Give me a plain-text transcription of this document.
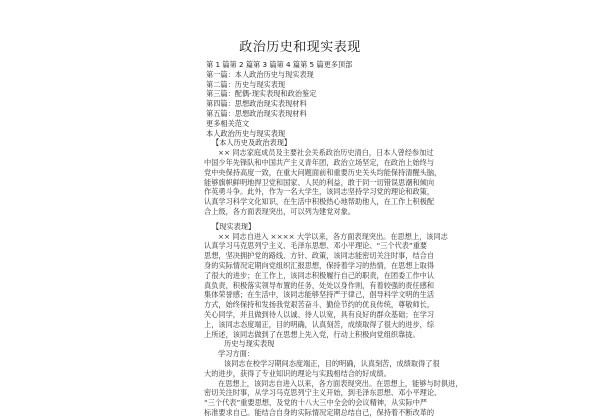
政治历史和现实表现
第 1 篇第 2 篇第 3 篇第 4 篇第 5 篇更多顶部
第一篇：本人政治历史与现实表现
第二篇：历史与现实表现
第三篇：配偶-现实表现和政治鉴定
第四篇：思想政治现实表现材料
第五篇：思想政治现实表现材料
更多相关范文
本人政治历史与现实表现
【本人历史及政治表现】
×× 同志家庭成员及主要社会关系政治历史清白，日本人曾经参加过
中国少年先锋队和中国共产主义青年团，政治立场坚定，在政治上始终与
党中央保持高度一致，在重大问题面前和重要历史关头均能保持清醒头脑，
能够旗帜鲜明地捍卫党和国家、人民的利益，敢于同一切错误思潮和倾向
作英勇斗争。此外，作为一名大学生，该同志坚持学习党的理论和政策，
认真学习科学文化知识，在生活中积极热心地帮助他人，在工作上积极配
合上级，各方面表现突出，可以列为建党对象。
【现实表现】
×× 同志自进入 ×××× 大学以来，各方面表现突出。在思想上，该同志
认真学习马克思列宁主义、毛泽东思想、邓小平理论、“三个代表”重要
思想，坚决拥护党的路线、方针、政策，该同志能密切关注时事，结合自
身的实际情况定期向党组织汇报思想，保持着学习的热情，在思想上取得
了很大的进步；在工作上，该同志积极履行自己的职责，在团委工作中认
真负责，积极落实领导布置的任务，处处以身作则，有着较强的责任感和
集体荣誉感；在生活中，该同志能够坚持严于律己，倡导科学文明的生活
方式，始终保持和发扬我党艰苦奋斗、勤俭节约的优良传统，尊敬师长，
关心同学，并且做到待人以诚、待人以宽，具有良好的群众基础；在学习
上，该同志态度端正，目的明确，认真刻苦，成绩取得了很大的进步，综
上所述，该同志做到了在思想上先入党，行动上积极向党组织靠拢。
历史与现实表现
学习方面：
该同志在校学习期间态度端正，目的明确，认真刻苦，成绩取得了很
大的进步，获得了专业知识的理论与实践相结合的好成绩。
在思想上，该同志自进入以来，各方面表现突出。在思想上，能够与时俱进，
密切关注时事，从学习马克思列宁主义开始，到毛泽东思想、邓小平理论、
“三个代表”重要思想，及党的十八大三中全会的会议精神，从实际中严
标准要求自己。能结合自身的实际情况定期总结自己，保持着不断改革的
